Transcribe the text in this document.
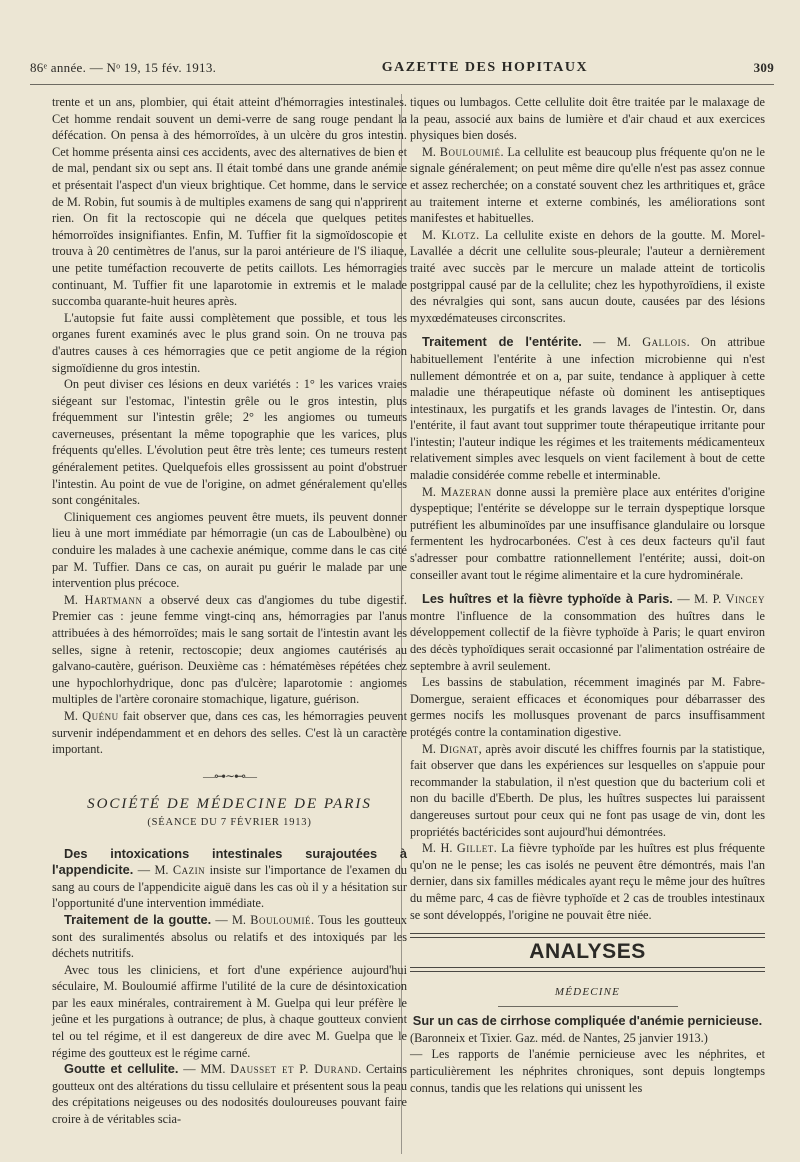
86ᵉ année. — Nᵒ 19, 15 fév. 1913.	GAZETTE DES HOPITAUX	309

trente et un ans, plombier, qui était atteint d'hémorragies intestinales. Cet homme rendait souvent un demi-verre de sang rouge pendant la défécation. On pensa à des hémorroïdes, à un ulcère du gros intestin. Cet homme présenta ainsi ces accidents, avec des alternatives de bien et de mal, pendant six ou sept ans. Il était tombé dans une grande anémie et présentait l'aspect d'un vieux brightique. Cet homme, dans le service de M. Robin, fut soumis à de multiples examens de sang qui n'apprirent rien. On fit la rectoscopie qui ne décela que quelques petites hémorroïdes insignifiantes. Enfin, M. Tuffier fit la sigmoïdoscopie et trouva à 20 centimètres de l'anus, sur la paroi antérieure de l'S iliaque, une petite tuméfaction recouverte de petits caillots. Les hémorragies continuant, M. Tuffier fit une laparotomie in extremis et le malade succomba quarante-huit heures après.

L'autopsie fut faite aussi complètement que possible, et tous les organes furent examinés avec le plus grand soin. On ne trouva pas d'autres causes à ces hémorragies que ce petit angiome de la région sigmoïdienne du gros intestin.

On peut diviser ces lésions en deux variétés : 1° les varices vraies siégeant sur l'estomac, l'intestin grêle ou le gros intestin, plus fréquemment sur l'intestin grêle; 2° les angiomes ou tumeurs caverneuses, présentant la même topographie que les varices, plus fréquents qu'elles. L'évolution peut être très lente; ces tumeurs restent généralement petites. Quelquefois elles grossissent au point d'obstruer l'intestin. Au point de vue de l'origine, on admet généralement qu'elles sont congénitales.

Cliniquement ces angiomes peuvent être muets, ils peuvent donner lieu à une mort immédiate par hémorragie (un cas de Laboulbène) ou conduire les malades à une cachexie anémique, comme dans le cas cité par M. Tuffier. Dans ce cas, on aurait pu guérir le malade par une intervention plus précoce.

M. Hartmann a observé deux cas d'angiomes du tube digestif. Premier cas : jeune femme vingt-cinq ans, hémorragies par l'anus attribuées à des hémorroïdes; mais le sang sortait de l'intestin avant les selles, signe à retenir, rectoscopie; deux angiomes cautérisés au galvano-cautère, guérison. Deuxième cas : hématémèses répétées chez une hypochlorhydrique, donc pas d'ulcère; laparotomie : angiomes multiples de l'artère coronaire stomachique, ligature, guérison.

M. Quénu fait observer que, dans ces cas, les hémorragies peuvent survenir indépendamment et en dehors des selles. C'est là un caractère important.

—⊶∼⊷—
SOCIÉTÉ DE MÉDECINE DE PARIS
(SÉANCE DU 7 FÉVRIER 1913)

Des intoxications intestinales surajoutées à l'appendicite. — M. Cazin insiste sur l'importance de l'examen du sang au cours de l'appendicite aiguë dans les cas où il y a hésitation sur l'opportunité d'une intervention immédiate.

Traitement de la goutte. — M. Bouloumié. Tous les goutteux sont des suralimentés absolus ou relatifs et des intoxiqués par les déchets nutritifs.

Avec tous les cliniciens, et fort d'une expérience aujourd'hui séculaire, M. Bouloumié affirme l'utilité de la cure de désintoxication par les eaux minérales, contrairement à M. Guelpa qui leur préfère le jeûne et les purgations à outrance; de plus, à chaque goutteux convient tel ou tel régime, et il est dangereux de dire avec M. Guelpa que le régime des goutteux est le régime carné.

Goutte et cellulite. — MM. Dausset et P. Durand. Certains goutteux ont des altérations du tissu cellulaire et présentent sous la peau des crépitations neigeuses ou des nodosités douloureuses pouvant faire croire à de véritables scia-

tiques ou lumbagos. Cette cellulite doit être traitée par le malaxage de la peau, associé aux bains de lumière et d'air chaud et aux exercices physiques bien dosés.

M. Bouloumié. La cellulite est beaucoup plus fréquente qu'on ne le signale généralement; on peut même dire qu'elle n'est pas assez connue et assez recherchée; on a constaté souvent chez les arthritiques et, grâce au traitement interne et externe combinés, les améliorations sont manifestes et habituelles.

M. Klotz. La cellulite existe en dehors de la goutte. M. Morel-Lavallée a décrit une cellulite sous-pleurale; l'auteur a dernièrement traité avec succès par le mercure un malade atteint de torticolis postgrippal causé par de la cellulite; chez les hypothyroïdiens, il existe des névralgies qui sont, sans aucun doute, causées par des lésions myxœdémateuses circonscrites.

Traitement de l'entérite. — M. Gallois. On attribue habituellement l'entérite à une infection microbienne qui n'est nullement démontrée et on a, par suite, tendance à appliquer à cette maladie une thérapeutique néfaste où dominent les antiseptiques intestinaux, les purgatifs et les grands lavages de l'intestin. Or, dans l'entérite, il faut avant tout supprimer toute thérapeutique irritante pour l'intestin; l'auteur indique les régimes et les traitements médicamenteux relativement simples avec lesquels on vient facilement à bout de cette maladie considérée comme rebelle et interminable.

M. Mazeran donne aussi la première place aux entérites d'origine dyspeptique; l'entérite se développe sur le terrain dyspeptique lorsque putréfient les albuminoïdes par une insuffisance glandulaire ou lorsque fermentent les hydrocarbonées. C'est à ces deux facteurs qu'il faut s'adresser pour combattre rationnellement l'entérite; aussi, doit-on conseiller avant tout le régime alimentaire et la cure hydrominérale.

Les huîtres et la fièvre typhoïde à Paris. — M. P. Vincey montre l'influence de la consommation des huîtres dans le développement collectif de la fièvre typhoïde à Paris; le quart environ des décès typhoïdiques serait occasionné par l'alimentation ostréaire de septembre à avril seulement.

Les bassins de stabulation, récemment imaginés par M. Fabre-Domergue, seraient efficaces et économiques pour débarrasser des germes nocifs les mollusques provenant de parcs insuffisamment protégés contre la contamination digestive.

M. Dignat, après avoir discuté les chiffres fournis par la statistique, fait observer que dans les expériences sur lesquelles on s'appuie pour recommander la stabulation, il n'est question que du bacterium coli et non du bacille d'Eberth. De plus, les huîtres suspectes lui paraissent dangereuses surtout pour ceux qui ne font pas usage de vin, dont les propriétés bactéricides sont aujourd'hui démontrées.

M. H. Gillet. La fièvre typhoïde par les huîtres est plus fréquente qu'on ne le pense; les cas isolés ne peuvent être démontrés, mais l'an dernier, dans six familles médicales ayant reçu le même jour des huîtres du même parc, 4 cas de fièvre typhoïde et 2 cas de troubles intestinaux se sont développés, l'origine ne pouvait être niée.

ANALYSES
MÉDECINE
Sur un cas de cirrhose compliquée d'anémie pernicieuse.

(Baronneix et Tixier. Gaz. méd. de Nantes, 25 janvier 1913.)

— Les rapports de l'anémie pernicieuse avec les néphrites, et particulièrement les néphrites chroniques, sont depuis longtemps connus, tandis que les relations qui unissent les
